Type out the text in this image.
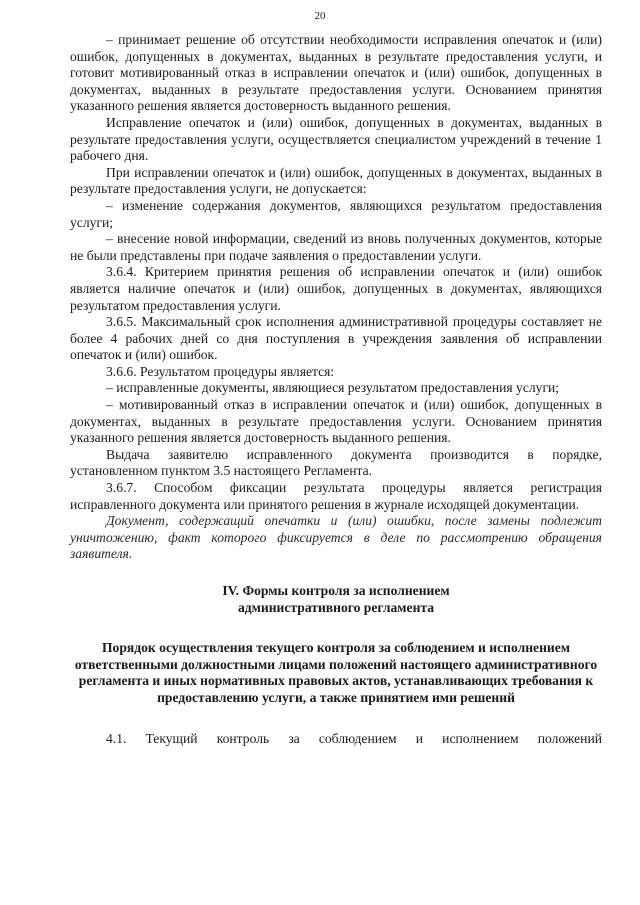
20

– принимает решение об отсутствии необходимости исправления опечаток и (или) ошибок, допущенных в документах, выданных в результате предоставления услуги, и готовит мотивированный отказ в исправлении опечаток и (или) ошибок, допущенных в документах, выданных в результате предоставления услуги. Основанием принятия указанного решения является достоверность выданного решения.

Исправление опечаток и (или) ошибок, допущенных в документах, выданных в результате предоставления услуги, осуществляется специалистом учреждений в течение 1 рабочего дня.

При исправлении опечаток и (или) ошибок, допущенных в документах, выданных в результате предоставления услуги, не допускается:

– изменение содержания документов, являющихся результатом предоставления услуги;

– внесение новой информации, сведений из вновь полученных документов, которые не были представлены при подаче заявления о предоставлении услуги.

3.6.4. Критерием принятия решения об исправлении опечаток и (или) ошибок является наличие опечаток и (или) ошибок, допущенных в документах, являющихся результатом предоставления услуги.

3.6.5. Максимальный срок исполнения административной процедуры составляет не более 4 рабочих дней со дня поступления в учреждения заявления об исправлении опечаток и (или) ошибок.

3.6.6. Результатом процедуры является:

– исправленные документы, являющиеся результатом предоставления услуги;

– мотивированный отказ в исправлении опечаток и (или) ошибок, допущенных в документах, выданных в результате предоставления услуги. Основанием принятия указанного решения является достоверность выданного решения.

Выдача заявителю исправленного документа производится в порядке, установленном пунктом 3.5 настоящего Регламента.

3.6.7. Способом фиксации результата процедуры является регистрация исправленного документа или принятого решения в журнале исходящей документации.

Документ, содержащий опечатки и (или) ошибки, после замены подлежит уничтожению, факт которого фиксируется в деле по рассмотрению обращения заявителя.

IV. Формы контроля за исполнением

административного регламента

Порядок осуществления текущего контроля за соблюдением и исполнением ответственными должностными лицами положений настоящего административного регламента и иных нормативных правовых актов, устанавливающих требования к предоставлению услуги, а также принятием ими решений

4.1. Текущий контроль за соблюдением и исполнением положений
